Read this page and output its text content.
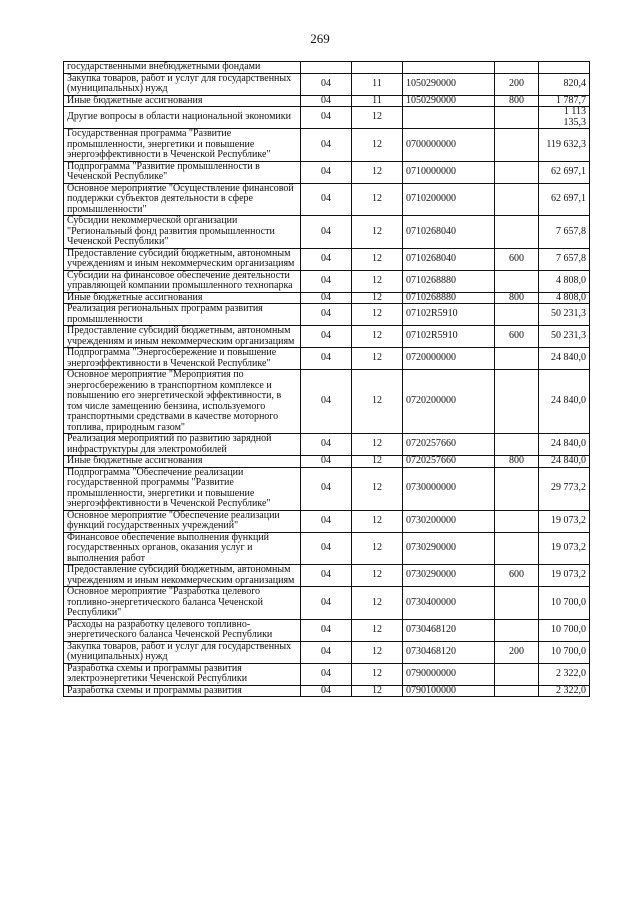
269
государственными внебюджетными фондами					
Закупка товаров, работ и услуг для государственных (муниципальных) нужд	04	11	1050290000	200	820,4
Иные бюджетные ассигнования	04	11	1050290000	800	1 787,7
Другие вопросы в области национальной экономики	04	12			1 113 135,3
Государственная программа "Развитие промышленности, энергетики и повышение энергоэффективности в Чеченской Республике"	04	12	0700000000		119 632,3
Подпрограмма "Развитие промышленности в Чеченской Республике"	04	12	0710000000		62 697,1
Основное мероприятие "Осуществление финансовой поддержки субъектов деятельности в сфере промышленности"	04	12	0710200000		62 697,1
Субсидии некоммерческой организации "Региональный фонд развития промышленности Чеченской Республики"	04	12	0710268040		7 657,8
Предоставление субсидий бюджетным, автономным учреждениям и иным некоммерческим организациям	04	12	0710268040	600	7 657,8
Субсидии на финансовое обеспечение деятельности управляющей компании промышленного технопарка	04	12	0710268880		4 808,0
Иные бюджетные ассигнования	04	12	0710268880	800	4 808,0
Реализация региональных программ развития промышленности	04	12	07102R5910		50 231,3
Предоставление субсидий бюджетным, автономным учреждениям и иным некоммерческим организациям	04	12	07102R5910	600	50 231,3
Подпрограмма "Энергосбережение и повышение энергоэффективности в Чеченской Республике"	04	12	0720000000		24 840,0
Основное мероприятие "Мероприятия по энергосбережению в транспортном комплексе и повышению его энергетической эффективности, в том числе замещению бензина, используемого транспортными средствами в качестве моторного топлива, природным газом"	04	12	0720200000		24 840,0
Реализация мероприятий по развитию зарядной инфраструктуры для электромобилей	04	12	0720257660		24 840,0
Иные бюджетные ассигнования	04	12	0720257660	800	24 840,0
Подпрограмма "Обеспечение реализации государственной программы "Развитие промышленности, энергетики и повышение энергоэффективности в Чеченской Республике"	04	12	0730000000		29 773,2
Основное мероприятие "Обеспечение реализации функций государственных учреждений"	04	12	0730200000		19 073,2
Финансовое обеспечение выполнения функций государственных органов, оказания услуг и выполнения работ	04	12	0730290000		19 073,2
Предоставление субсидий бюджетным, автономным учреждениям и иным некоммерческим организациям	04	12	0730290000	600	19 073,2
Основное мероприятие "Разработка целевого топливно-энергетического баланса Чеченской Республики"	04	12	0730400000		10 700,0
Расходы на разработку целевого топливно-энергетического баланса Чеченской Республики	04	12	0730468120		10 700,0
Закупка товаров, работ и услуг для государственных (муниципальных) нужд	04	12	0730468120	200	10 700,0
Разработка схемы и программы развития электроэнергетики Чеченской Республики	04	12	0790000000		2 322,0
Разработка схемы и программы развития	04	12	0790100000		2 322,0
